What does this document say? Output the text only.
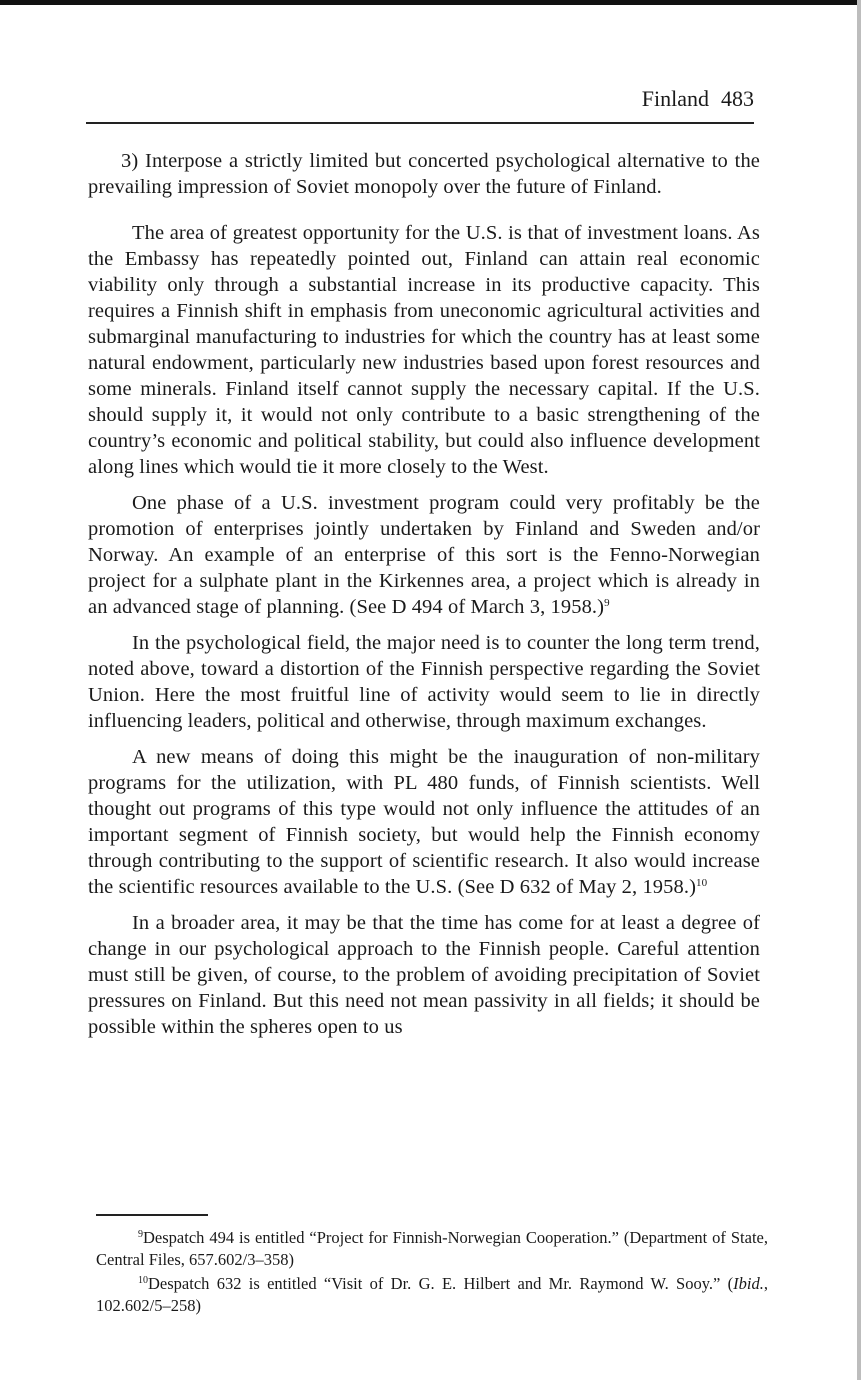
Finland 483

3) Interpose a strictly limited but concerted psychological alternative to the prevailing impression of Soviet monopoly over the future of Finland.

The area of greatest opportunity for the U.S. is that of investment loans. As the Embassy has repeatedly pointed out, Finland can attain real economic viability only through a substantial increase in its productive capacity. This requires a Finnish shift in emphasis from uneconomic agricultural activities and submarginal manufacturing to industries for which the country has at least some natural endowment, particularly new industries based upon forest resources and some minerals. Finland itself cannot supply the necessary capital. If the U.S. should supply it, it would not only contribute to a basic strengthening of the country’s economic and political stability, but could also influence development along lines which would tie it more closely to the West.

One phase of a U.S. investment program could very profitably be the promotion of enterprises jointly undertaken by Finland and Sweden and/or Norway. An example of an enterprise of this sort is the Fenno-Norwegian project for a sulphate plant in the Kirkennes area, a project which is already in an advanced stage of planning. (See D 494 of March 3, 1958.)$^9$

In the psychological field, the major need is to counter the long term trend, noted above, toward a distortion of the Finnish perspective regarding the Soviet Union. Here the most fruitful line of activity would seem to lie in directly influencing leaders, political and otherwise, through maximum exchanges.

A new means of doing this might be the inauguration of non-military programs for the utilization, with PL 480 funds, of Finnish scientists. Well thought out programs of this type would not only influence the attitudes of an important segment of Finnish society, but would help the Finnish economy through contributing to the support of scientific research. It also would increase the scientific resources available to the U.S. (See D 632 of May 2, 1958.)$^{10}$

In a broader area, it may be that the time has come for at least a degree of change in our psychological approach to the Finnish people. Careful attention must still be given, of course, to the problem of avoiding precipitation of Soviet pressures on Finland. But this need not mean passivity in all fields; it should be possible within the spheres open to us

$^9$Despatch 494 is entitled “Project for Finnish-Norwegian Cooperation.” (Department of State, Central Files, 657.602/3–358)

$^{10}$Despatch 632 is entitled “Visit of Dr. G. E. Hilbert and Mr. Raymond W. Sooy.” (Ibid., 102.602/5–258)
